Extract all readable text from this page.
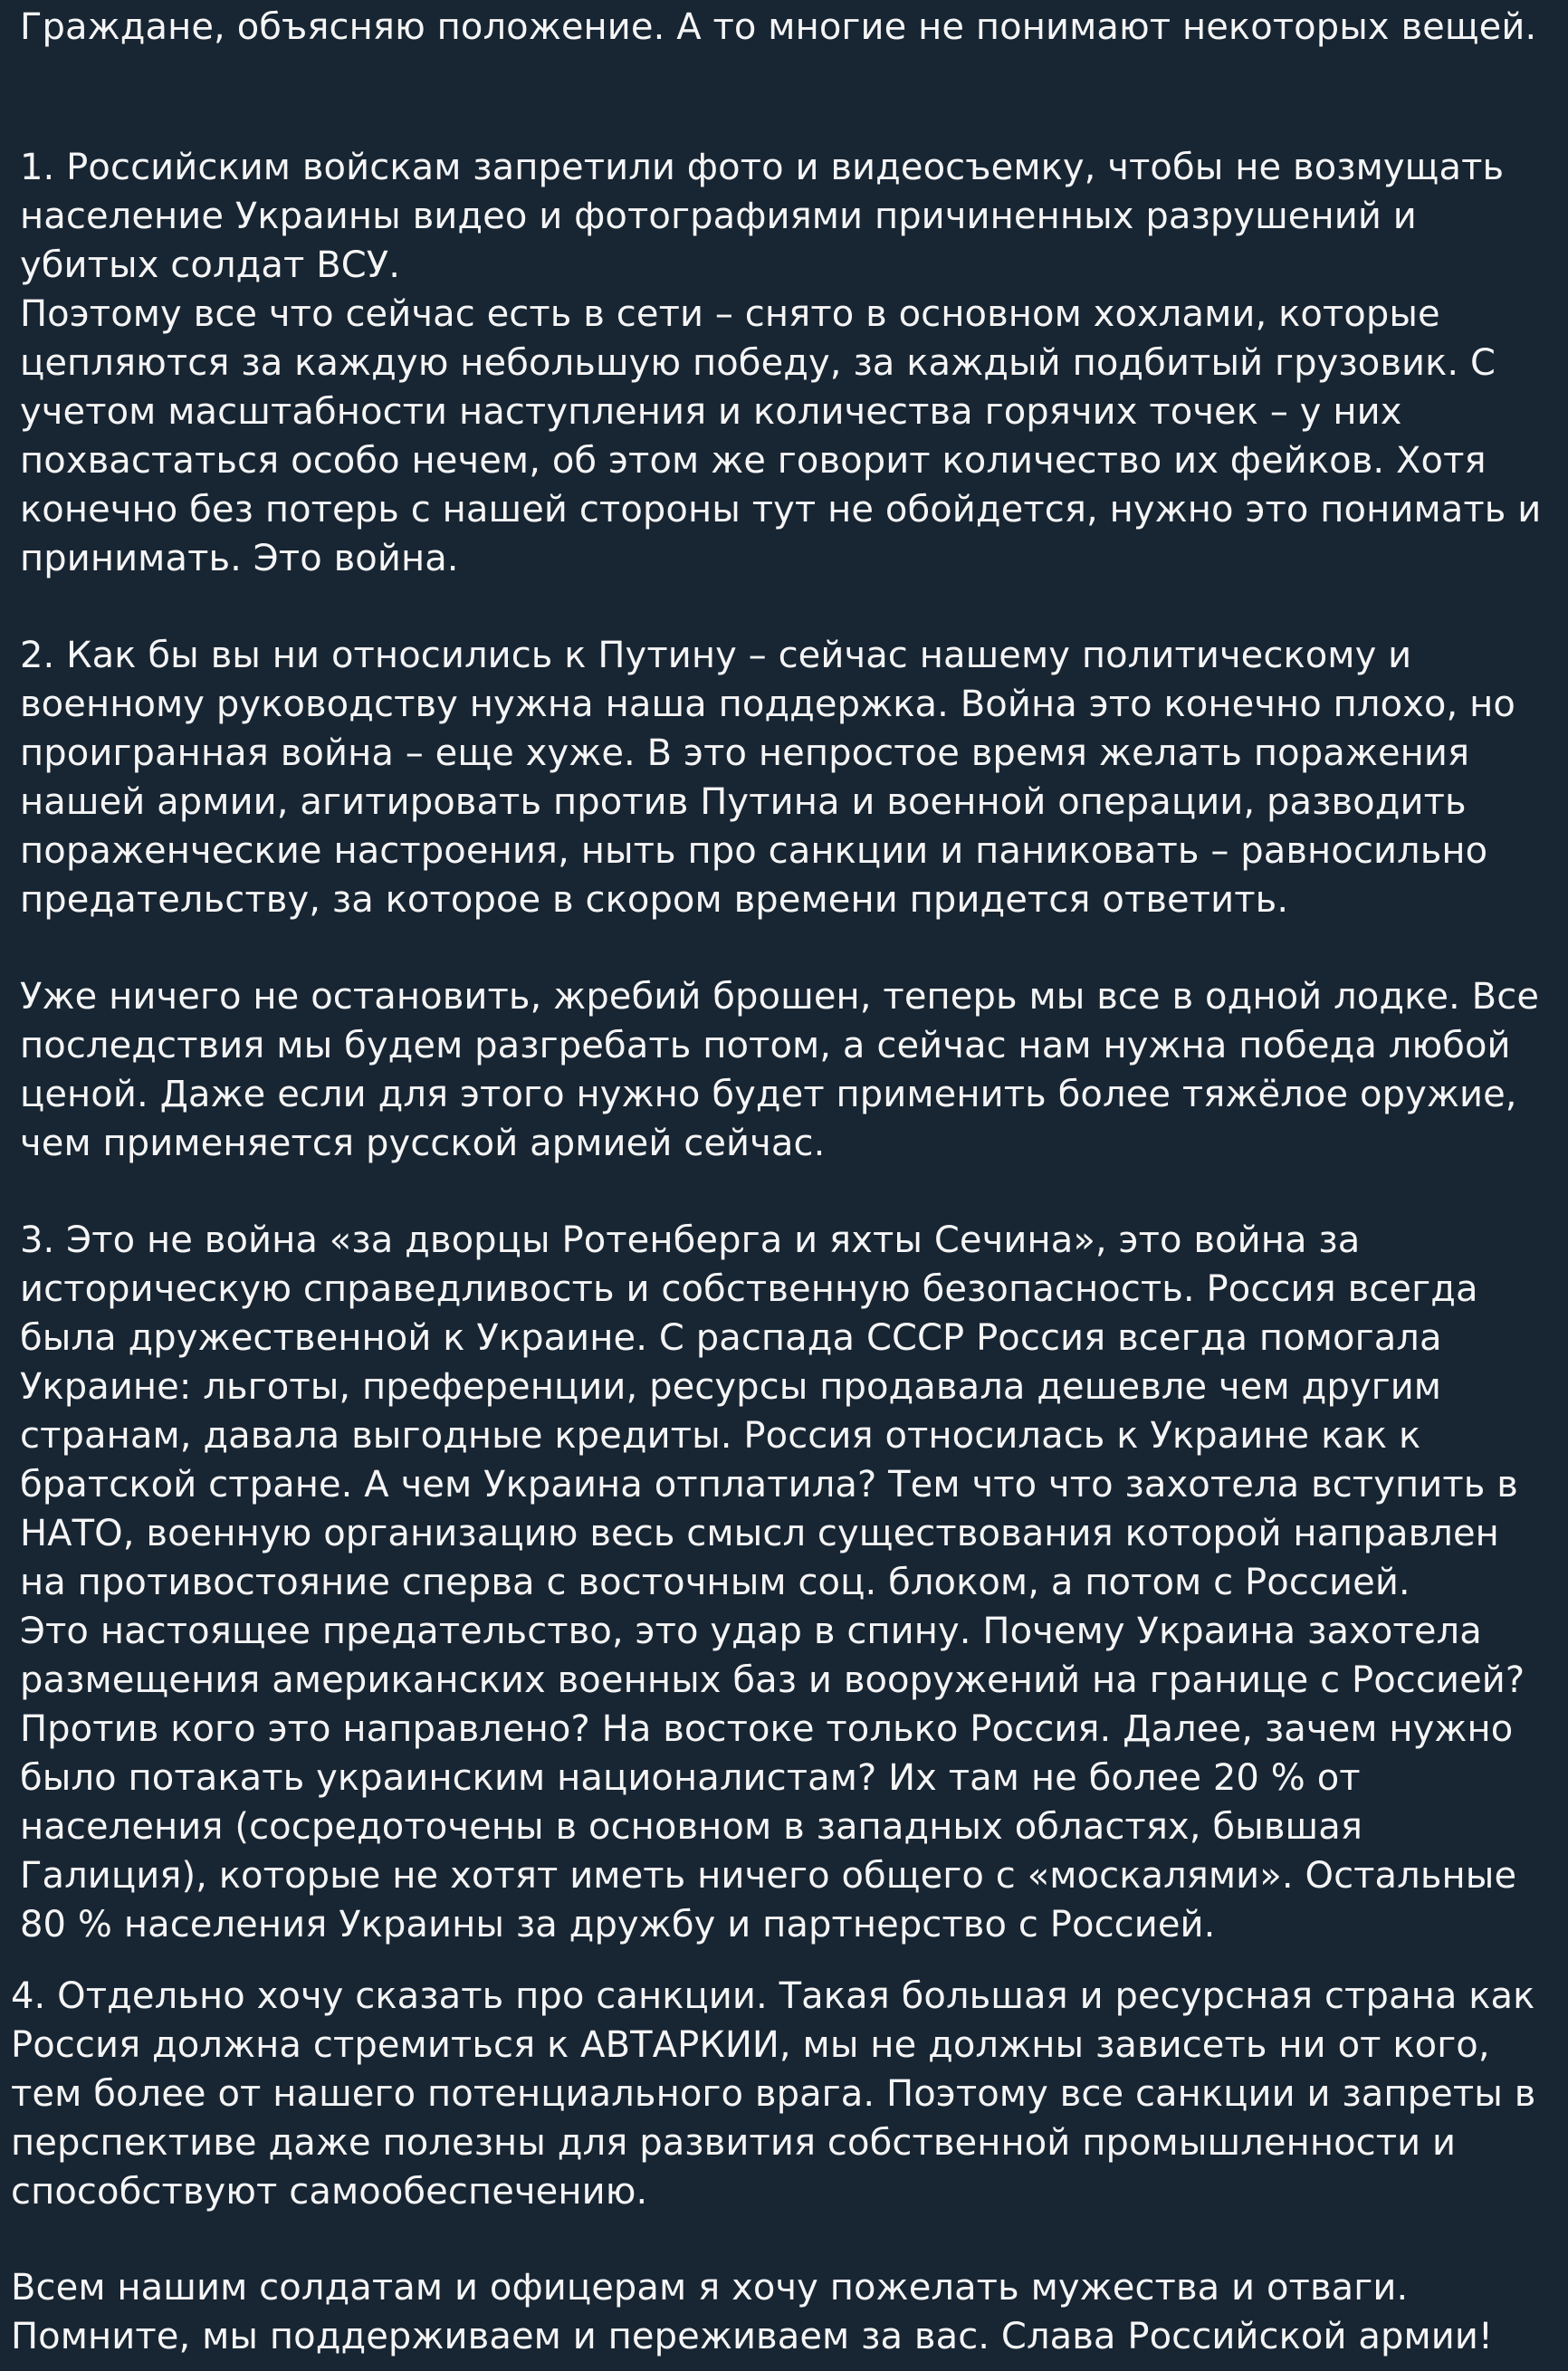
Граждане, объясняю положение. А то многие не понимают некоторых вещей.
1. Российским войскам запретили фото и видеосъемку, чтобы не возмущать
население Украины видео и фотографиями причиненных разрушений и
убитых солдат ВСУ.
Поэтому все что сейчас есть в сети – снято в основном хохлами, которые
цепляются за каждую небольшую победу, за каждый подбитый грузовик. С
учетом масштабности наступления и количества горячих точек – у них
похвастаться особо нечем, об этом же говорит количество их фейков. Хотя
конечно без потерь с нашей стороны тут не обойдется, нужно это понимать и
принимать. Это война.
2. Как бы вы ни относились к Путину – сейчас нашему политическому и
военному руководству нужна наша поддержка. Война это конечно плохо, но
проигранная война – еще хуже. В это непростое время желать поражения
нашей армии, агитировать против Путина и военной операции, разводить
пораженческие настроения, ныть про санкции и паниковать – равносильно
предательству, за которое в скором времени придется ответить.
Уже ничего не остановить, жребий брошен, теперь мы все в одной лодке. Все
последствия мы будем разгребать потом, а сейчас нам нужна победа любой
ценой. Даже если для этого нужно будет применить более тяжёлое оружие,
чем применяется русской армией сейчас.
3. Это не война «за дворцы Ротенберга и яхты Сечина», это война за
историческую справедливость и собственную безопасность. Россия всегда
была дружественной к Украине. С распада СССР Россия всегда помогала
Украине: льготы, преференции, ресурсы продавала дешевле чем другим
странам, давала выгодные кредиты. Россия относилась к Украине как к
братской стране. А чем Украина отплатила? Тем что что захотела вступить в
НАТО, военную организацию весь смысл существования которой направлен
на противостояние сперва с восточным соц. блоком, а потом с Россией.
Это настоящее предательство, это удар в спину. Почему Украина захотела
размещения американских военных баз и вооружений на границе с Россией?
Против кого это направлено? На востоке только Россия. Далее, зачем нужно
было потакать украинским националистам? Их там не более 20 % от
населения (сосредоточены в основном в западных областях, бывшая
Галиция), которые не хотят иметь ничего общего с «москалями». Остальные
80 % населения Украины за дружбу и партнерство с Россией.
4. Отдельно хочу сказать про санкции. Такая большая и ресурсная страна как
Россия должна стремиться к АВТАРКИИ, мы не должны зависеть ни от кого,
тем более от нашего потенциального врага. Поэтому все санкции и запреты в
перспективе даже полезны для развития собственной промышленности и
способствуют самообеспечению.
Всем нашим солдатам и офицерам я хочу пожелать мужества и отваги.
Помните, мы поддерживаем и переживаем за вас. Слава Российской армии!
